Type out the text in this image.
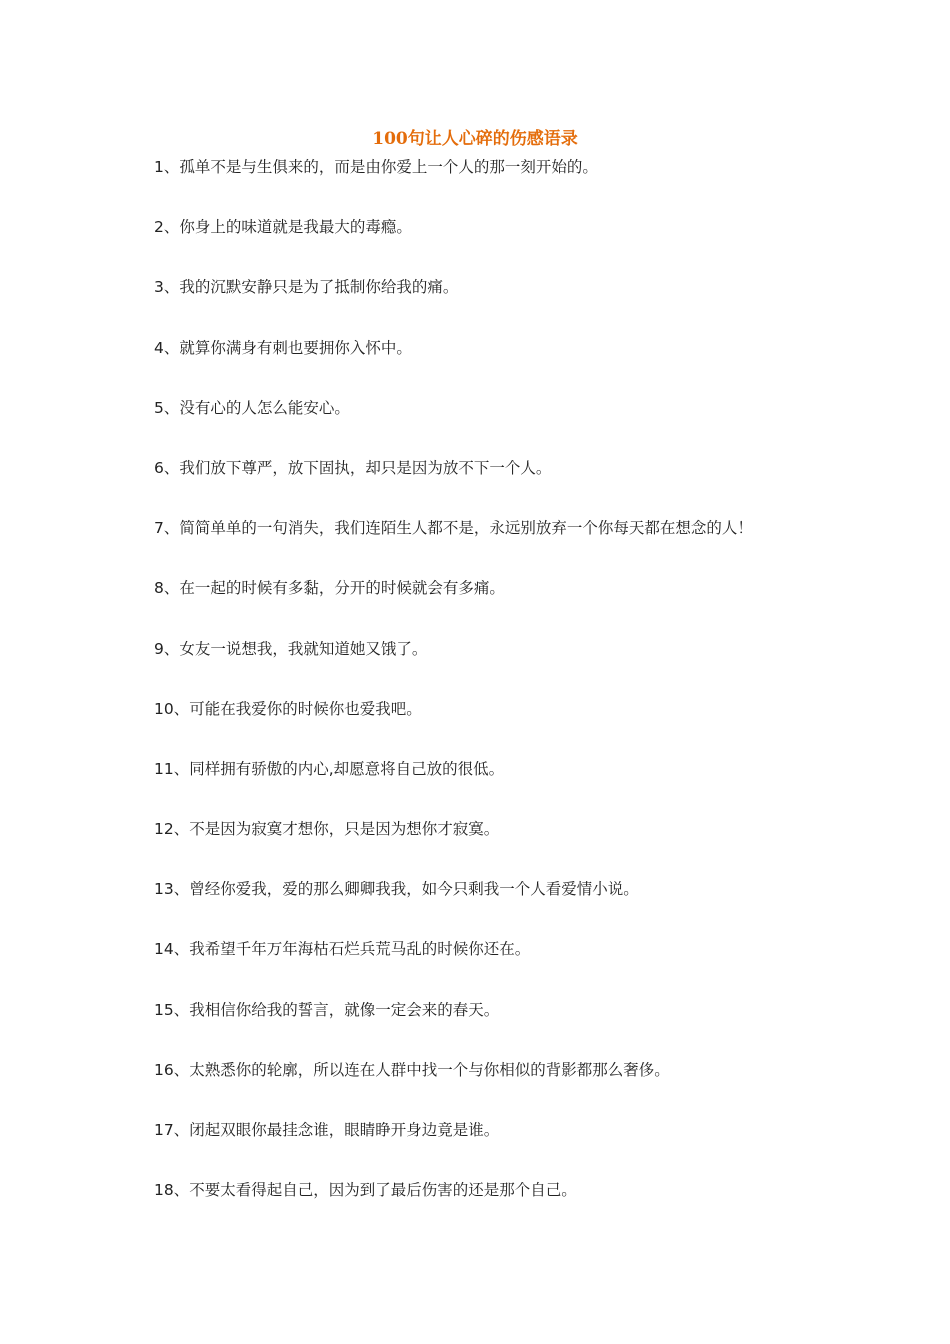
100句让人心碎的伤感语录
1、孤单不是与生俱来的，而是由你爱上一个人的那一刻开始的。
2、你身上的味道就是我最大的毒瘾。
3、我的沉默安静只是为了抵制你给我的痛。
4、就算你满身有刺也要拥你入怀中。
5、没有心的人怎么能安心。
6、我们放下尊严，放下固执，却只是因为放不下一个人。
7、简简单单的一句消失，我们连陌生人都不是，永远别放弃一个你每天都在想念的人！
8、在一起的时候有多黏，分开的时候就会有多痛。
9、女友一说想我，我就知道她又饿了。
10、可能在我爱你的时候你也爱我吧。
11、同样拥有骄傲的内心,却愿意将自己放的很低。
12、不是因为寂寞才想你，只是因为想你才寂寞。
13、曾经你爱我，爱的那么卿卿我我，如今只剩我一个人看爱情小说。
14、我希望千年万年海枯石烂兵荒马乱的时候你还在。
15、我相信你给我的誓言，就像一定会来的春天。
16、太熟悉你的轮廓，所以连在人群中找一个与你相似的背影都那么奢侈。
17、闭起双眼你最挂念谁，眼睛睁开身边竟是谁。
18、不要太看得起自己，因为到了最后伤害的还是那个自己。
